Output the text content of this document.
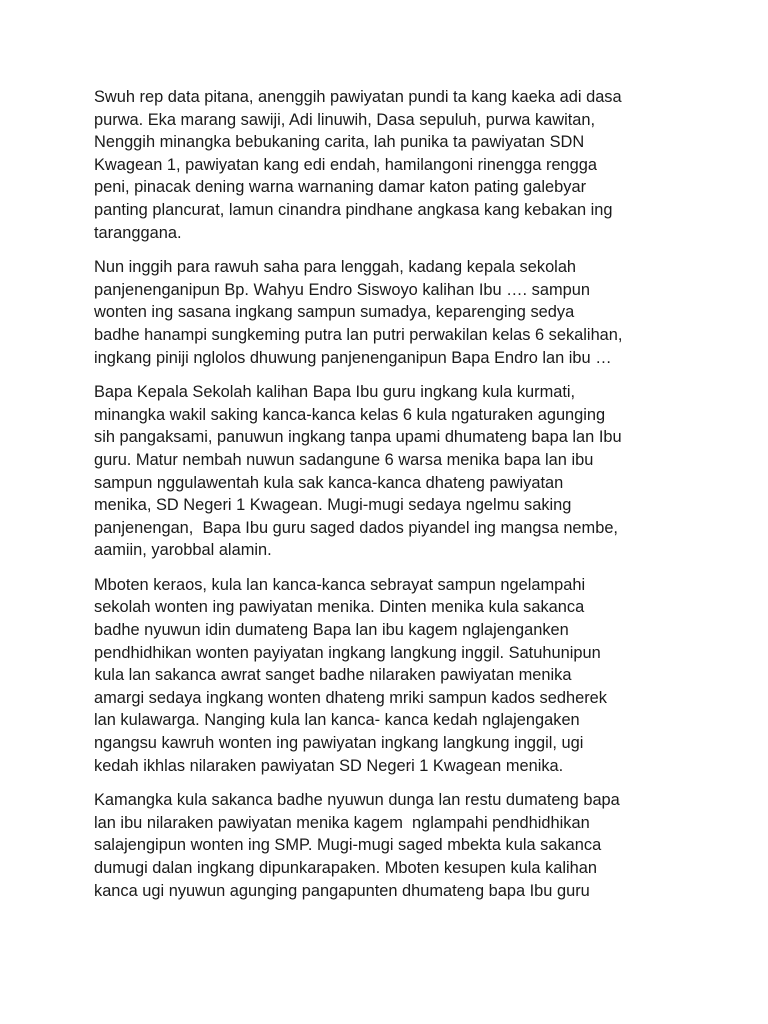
Swuh rep data pitana, anenggih pawiyatan pundi ta kang kaeka adi dasa
purwa. Eka marang sawiji, Adi linuwih, Dasa sepuluh, purwa kawitan,
Nenggih minangka bebukaning carita, lah punika ta pawiyatan SDN
Kwagean 1, pawiyatan kang edi endah, hamilangoni rinengga rengga
peni, pinacak dening warna warnaning damar katon pating galebyar
panting plancurat, lamun cinandra pindhane angkasa kang kebakan ing
taranggana.

Nun inggih para rawuh saha para lenggah, kadang kepala sekolah
panjenenganipun Bp. Wahyu Endro Siswoyo kalihan Ibu …. sampun
wonten ing sasana ingkang sampun sumadya, keparenging sedya
badhe hanampi sungkeming putra lan putri perwakilan kelas 6 sekalihan,
ingkang piniji nglolos dhuwung panjenenganipun Bapa Endro lan ibu …

Bapa Kepala Sekolah kalihan Bapa Ibu guru ingkang kula kurmati,
minangka wakil saking kanca-kanca kelas 6 kula ngaturaken agunging
sih pangaksami, panuwun ingkang tanpa upami dhumateng bapa lan Ibu
guru. Matur nembah nuwun sadangune 6 warsa menika bapa lan ibu
sampun nggulawentah kula sak kanca-kanca dhateng pawiyatan
menika, SD Negeri 1 Kwagean. Mugi-mugi sedaya ngelmu saking
panjenengan,  Bapa Ibu guru saged dados piyandel ing mangsa nembe,
aamiin, yarobbal alamin.

Mboten keraos, kula lan kanca-kanca sebrayat sampun ngelampahi
sekolah wonten ing pawiyatan menika. Dinten menika kula sakanca
badhe nyuwun idin dumateng Bapa lan ibu kagem nglajenganken
pendhidhikan wonten payiyatan ingkang langkung inggil. Satuhunipun
kula lan sakanca awrat sanget badhe nilaraken pawiyatan menika
amargi sedaya ingkang wonten dhateng mriki sampun kados sedherek
lan kulawarga. Nanging kula lan kanca- kanca kedah nglajengaken
ngangsu kawruh wonten ing pawiyatan ingkang langkung inggil, ugi
kedah ikhlas nilaraken pawiyatan SD Negeri 1 Kwagean menika.

Kamangka kula sakanca badhe nyuwun dunga lan restu dumateng bapa
lan ibu nilaraken pawiyatan menika kagem  nglampahi pendhidhikan
salajengipun wonten ing SMP. Mugi-mugi saged mbekta kula sakanca
dumugi dalan ingkang dipunkarapaken. Mboten kesupen kula kalihan
kanca ugi nyuwun agunging pangapunten dhumateng bapa Ibu guru
